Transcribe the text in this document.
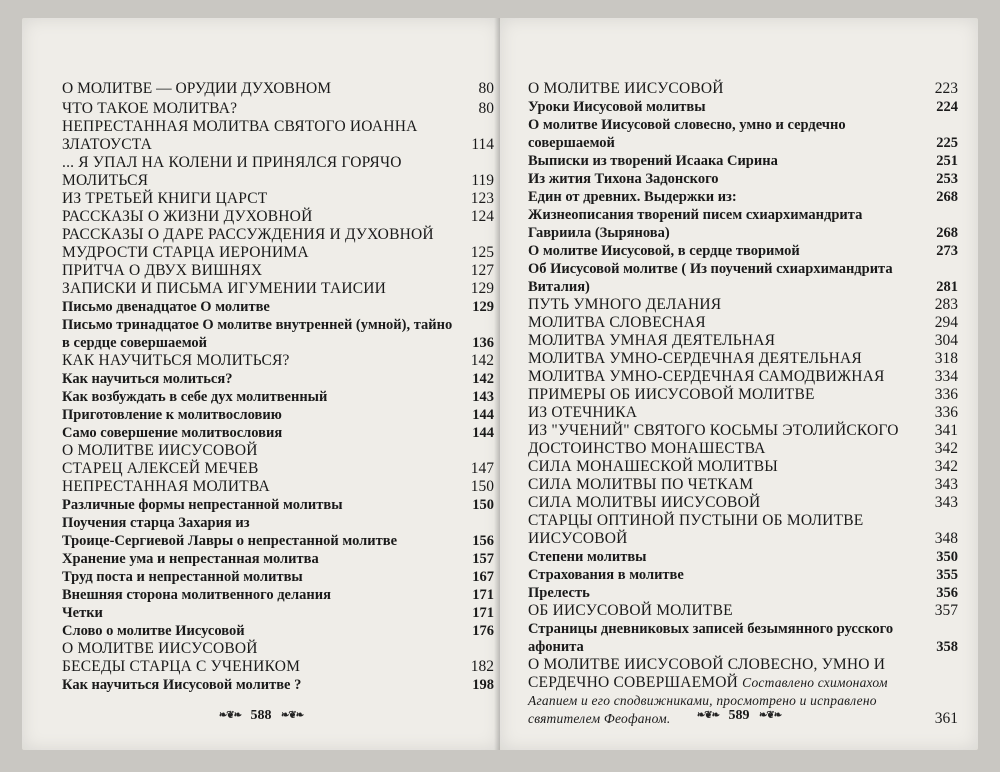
О МОЛИТВЕ — ОРУДИИ ДУХОВНОМ	80
ЧТО ТАКОЕ МОЛИТВА?	80
НЕПРЕСТАННАЯ МОЛИТВА СВЯТОГО ИОАННА ЗЛАТОУСТА	114
... Я УПАЛ НА КОЛЕНИ И ПРИНЯЛСЯ ГОРЯЧО МОЛИТЬСЯ	119
ИЗ ТРЕТЬЕЙ КНИГИ ЦАРСТ	123
РАССКАЗЫ О ЖИЗНИ ДУХОВНОЙ	124
РАССКАЗЫ О ДАРЕ РАССУЖДЕНИЯ И ДУХОВНОЙ МУДРОСТИ СТАРЦА ИЕРОНИМА	125
ПРИТЧА О ДВУХ ВИШНЯХ	127
ЗАПИСКИ И ПИСЬМА ИГУМЕНИИ ТАИСИИ	129
Письмо двенадцатое О молитве	129
Письмо тринадцатое О молитве внутренней (умной), тайно в сердце совершаемой	136
КАК НАУЧИТЬСЯ МОЛИТЬСЯ?	142
Как научиться молиться?	142
Как возбуждать в себе дух молитвенный	143
Приготовление к молитвословию	144
Само совершение молитвословия	144
О МОЛИТВЕ ИИСУСОВОЙ
СТАРЕЦ АЛЕКСЕЙ МЕЧЕВ	147
НЕПРЕСТАННАЯ МОЛИТВА	150
Различные формы непрестанной молитвы	150
Поучения старца Захария из
Троице-Сергиевой Лавры о непрестанной молитве	156
Хранение ума и непрестанная молитва	157
Труд поста и непрестанной молитвы	167
Внешняя сторона молитвенного делания	171
Четки	171
Слово о молитве Иисусовой	176
О МОЛИТВЕ ИИСУСОВОЙ
БЕСЕДЫ СТАРЦА С УЧЕНИКОМ	182
Как научиться Иисусовой молитве ?	198
❧❦❧ 588 ❧❦❧
О МОЛИТВЕ ИИСУСОВОЙ	223
Уроки Иисусовой молитвы	224
О молитве Иисусовой словесно, умно и сердечно совершаемой	225
Выписки из творений Исаака Сирина	251
Из жития Тихона Задонского	253
Един от древних. Выдержки из:	268
Жизнеописания творений писем схиархимандрита Гавриила (Зырянова)	268
О молитве Иисусовой, в сердце творимой	273
Об Иисусовой молитве ( Из поучений схиархимандрита Виталия)	281
ПУТЬ УМНОГО ДЕЛАНИЯ	283
МОЛИТВА СЛОВЕСНАЯ	294
МОЛИТВА УМНАЯ ДЕЯТЕЛЬНАЯ	304
МОЛИТВА УМНО-СЕРДЕЧНАЯ ДЕЯТЕЛЬНАЯ	318
МОЛИТВА УМНО-СЕРДЕЧНАЯ САМОДВИЖНАЯ	334
ПРИМЕРЫ ОБ ИИСУСОВОЙ МОЛИТВЕ	336
ИЗ ОТЕЧНИКА	336
ИЗ "УЧЕНИЙ" СВЯТОГО КОСЬМЫ ЭТОЛИЙСКОГО	341
ДОСТОИНСТВО МОНАШЕСТВА	342
СИЛА МОНАШЕСКОЙ МОЛИТВЫ	342
СИЛА МОЛИТВЫ ПО ЧЕТКАМ	343
СИЛА МОЛИТВЫ ИИСУСОВОЙ	343
СТАРЦЫ ОПТИНОЙ ПУСТЫНИ ОБ МОЛИТВЕ ИИСУСОВОЙ	348
Степени молитвы	350
Страхования в молитве	355
Прелесть	356
ОБ ИИСУСОВОЙ МОЛИТВЕ	357
Страницы дневниковых записей безымянного русского афонита	358
О МОЛИТВЕ ИИСУСОВОЙ СЛОВЕСНО, УМНО И СЕРДЕЧНО СОВЕРШАЕМОЙ Составлено схимонахом Агапием и его сподвижниками, просмотрено и исправлено святителем Феофаном.	361
❧❦❧ 589 ❧❦❧
